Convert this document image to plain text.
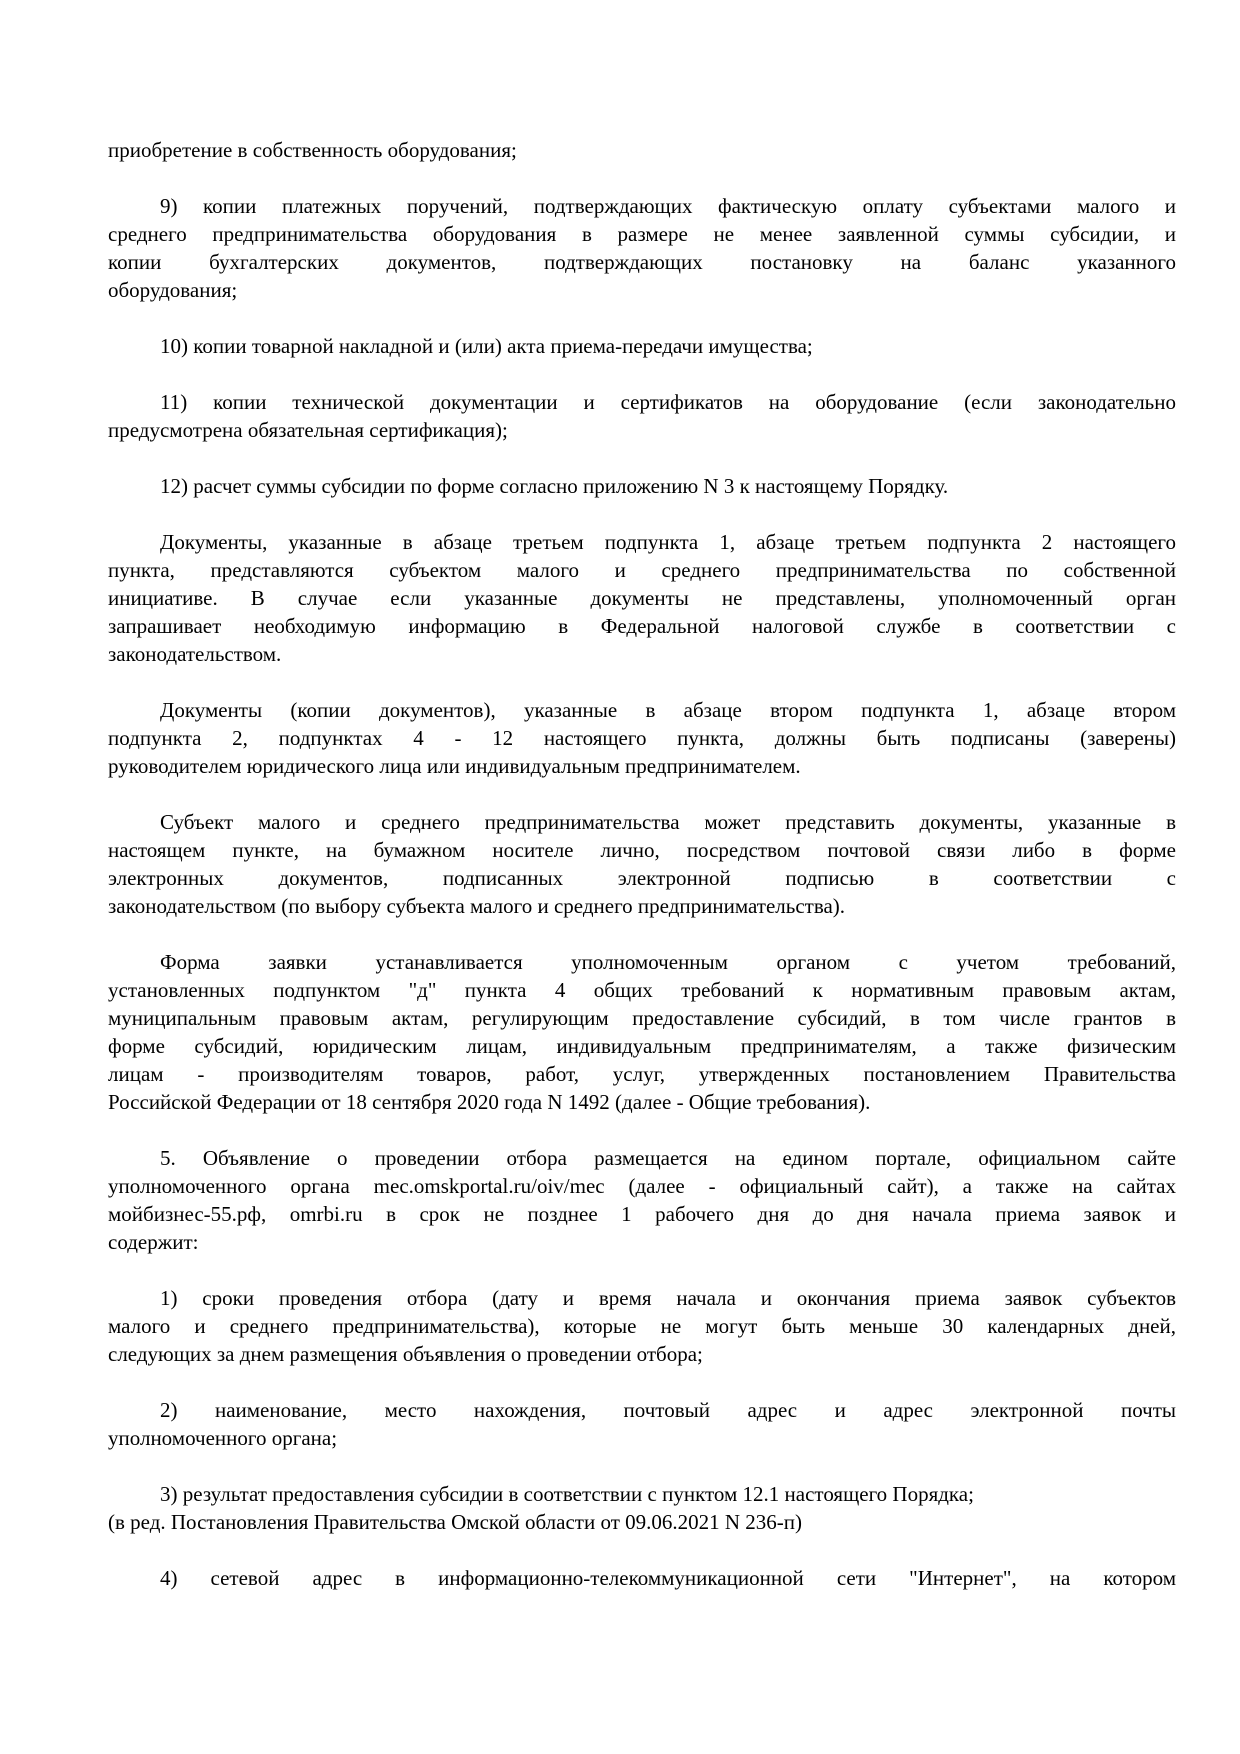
приобретение в собственность оборудования;
9) копии платежных поручений, подтверждающих фактическую оплату субъектами малого и
среднего предпринимательства оборудования в размере не менее заявленной суммы субсидии, и
копии бухгалтерских документов, подтверждающих постановку на баланс указанного
оборудования;
10) копии товарной накладной и (или) акта приема-передачи имущества;
11) копии технической документации и сертификатов на оборудование (если законодательно
предусмотрена обязательная сертификация);
12) расчет суммы субсидии по форме согласно приложению N 3 к настоящему Порядку.
Документы, указанные в абзаце третьем подпункта 1, абзаце третьем подпункта 2 настоящего
пункта, представляются субъектом малого и среднего предпринимательства по собственной
инициативе. В случае если указанные документы не представлены, уполномоченный орган
запрашивает необходимую информацию в Федеральной налоговой службе в соответствии с
законодательством.
Документы (копии документов), указанные в абзаце втором подпункта 1, абзаце втором
подпункта 2, подпунктах 4 - 12 настоящего пункта, должны быть подписаны (заверены)
руководителем юридического лица или индивидуальным предпринимателем.
Субъект малого и среднего предпринимательства может представить документы, указанные в
настоящем пункте, на бумажном носителе лично, посредством почтовой связи либо в форме
электронных документов, подписанных электронной подписью в соответствии с
законодательством (по выбору субъекта малого и среднего предпринимательства).
Форма заявки устанавливается уполномоченным органом с учетом требований,
установленных подпунктом "д" пункта 4 общих требований к нормативным правовым актам,
муниципальным правовым актам, регулирующим предоставление субсидий, в том числе грантов в
форме субсидий, юридическим лицам, индивидуальным предпринимателям, а также физическим
лицам - производителям товаров, работ, услуг, утвержденных постановлением Правительства
Российской Федерации от 18 сентября 2020 года N 1492 (далее - Общие требования).
5. Объявление о проведении отбора размещается на едином портале, официальном сайте
уполномоченного органа mec.omskportal.ru/oiv/mec (далее - официальный сайт), а также на сайтах
мойбизнес-55.рф, omrbi.ru в срок не позднее 1 рабочего дня до дня начала приема заявок и
содержит:
1) сроки проведения отбора (дату и время начала и окончания приема заявок субъектов
малого и среднего предпринимательства), которые не могут быть меньше 30 календарных дней,
следующих за днем размещения объявления о проведении отбора;
2) наименование, место нахождения, почтовый адрес и адрес электронной почты
уполномоченного органа;
3) результат предоставления субсидии в соответствии с пунктом 12.1 настоящего Порядка;
(в ред. Постановления Правительства Омской области от 09.06.2021 N 236-п)
4) сетевой адрес в информационно-телекоммуникационной сети "Интернет", на котором
